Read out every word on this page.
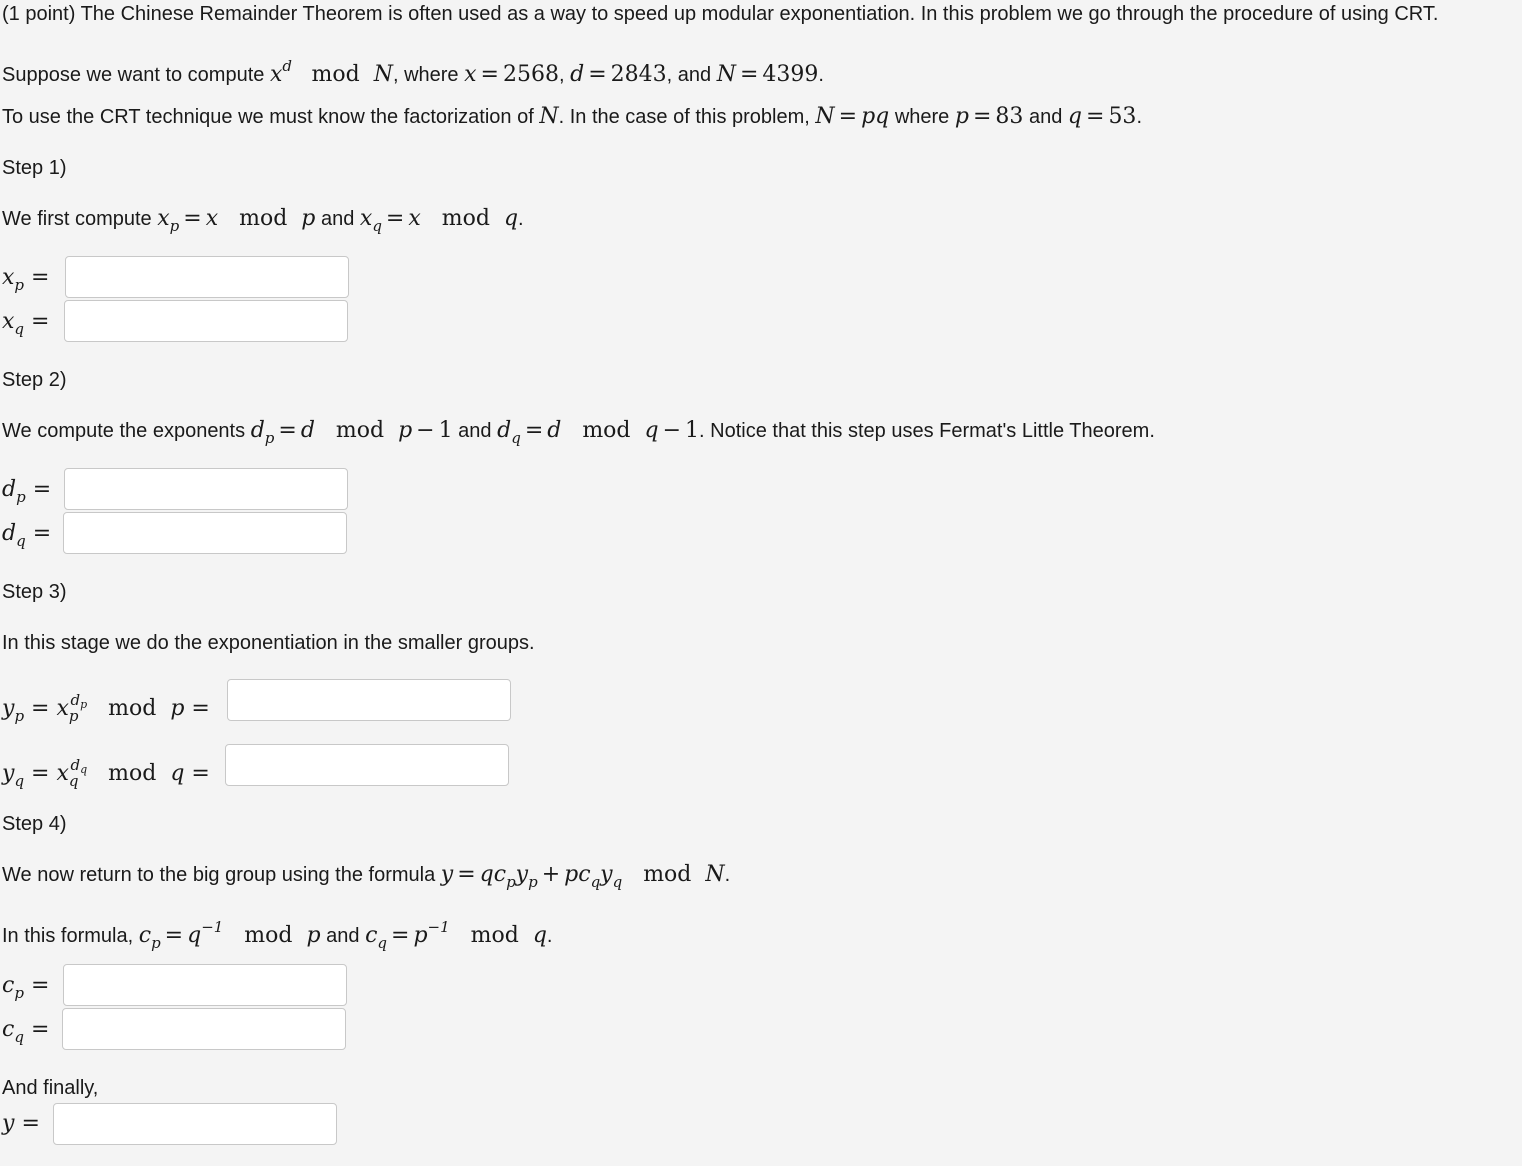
(1 point) The Chinese Remainder Theorem is often used as a way to speed up modular exponentiation. In this problem we go through the procedure of using CRT.
Suppose we want to compute $x^d$   mod  N, where x = 2568, d = 2843, and N = 4399.
To use the CRT technique we must know the factorization of N. In the case of this problem, N = pq where p = 83 and q = 53.
Step 1)
We first compute $x_p = x$   mod  p and $x_q = x$   mod  q.
$x_p$ =
$x_q$ =
Step 2)
We compute the exponents $d_p = d$   mod  p − 1 and $d_q = d$   mod  q − 1. Notice that this step uses Fermat's Little Theorem.
$d_p$ =
$d_q$ =
Step 3)
In this stage we do the exponentiation in the smaller groups.
$y_p = x_p^{d_p}$   mod  p =
$y_q = x_q^{d_q}$   mod  q =
Step 4)
We now return to the big group using the formula $y = qc_py_p + pc_qy_q$   mod  N.
In this formula, $c_p = q^{-1}$   mod  p and $c_q = p^{-1}$   mod  q.
$c_p$ =
$c_q$ =
And finally,
y =
